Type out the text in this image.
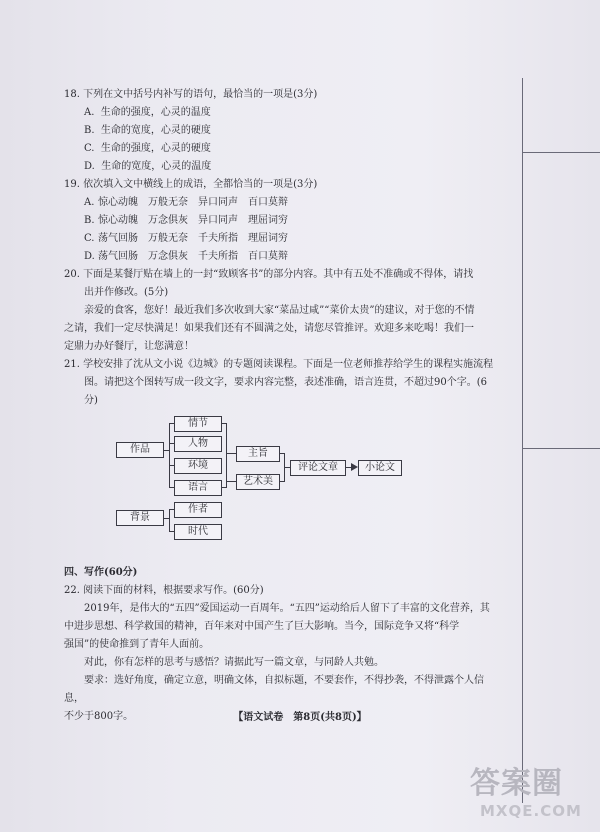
18. 下列在文中括号内补写的语句，最恰当的一项是(3分)

A.  生命的强度，心灵的温度

B.  生命的宽度，心灵的硬度

C.  生命的强度，心灵的硬度

D.  生命的宽度，心灵的温度

19. 依次填入文中横线上的成语，全都恰当的一项是(3分)

A. 惊心动魄 万般无奈 异口同声 百口莫辩

B. 惊心动魄 万念俱灰 异口同声 理屈词穷

C. 荡气回肠 万般无奈 千夫所指 理屈词穷

D. 荡气回肠 万念俱灰 千夫所指 百口莫辩

20. 下面是某餐厅贴在墙上的一封“致顾客书”的部分内容。其中有五处不准确或不得体，请找

出并作修改。(5分)

亲爱的食客，您好！最近我们多次收到大家“菜品过咸”“菜价太贵”的建议，对于您的不情

之请，我们一定尽快满足！如果我们还有不圆满之处，请您尽管推评。欢迎多来吃喝！我们一

定鼎力办好餐厅，让您满意！

21. 学校安排了沈从文小说《边城》的专题阅读课程。下面是一位老师推荐给学生的课程实施流程

图。请把这个图转写成一段文字，要求内容完整，表述准确，语言连贯，不超过90个字。(6分)

作品
背景
情节
人物
环境
语言
作者
时代
主旨
艺术美
评论文章	小论文

四、写作(60分)

22. 阅读下面的材料，根据要求写作。(60分)

2019年，是伟大的“五四”爱国运动一百周年。“五四”运动给后人留下了丰富的文化营养，其

中进步思想、科学救国的精神，百年来对中国产生了巨大影响。当今，国际竞争又将“科学

强国”的使命推到了青年人面前。

对此，你有怎样的思考与感悟？请据此写一篇文章，与同龄人共勉。

要求：选好角度，确定立意，明确文体，自拟标题，不要套作，不得抄袭，不得泄露个人信息，

不少于800字。	【语文试卷　第8页(共8页)】
答案圈
MXQE.COM
